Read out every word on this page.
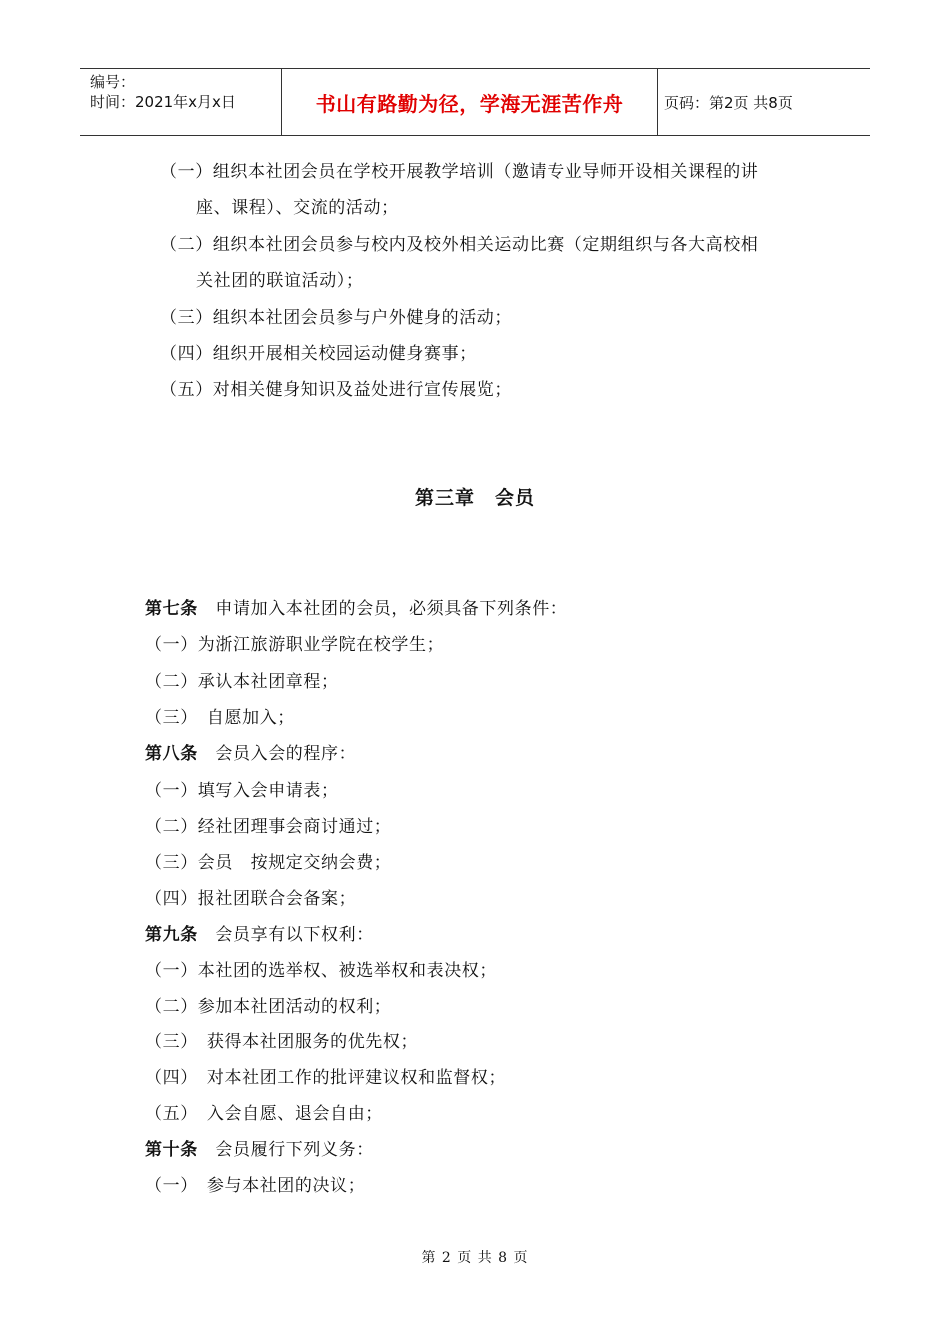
编号：
时间：2021年x月x日	书山有路勤为径，学海无涯苦作舟	页码：第2页 共8页
（一）组织本社团会员在学校开展教学培训（邀请专业导师开设相关课程的讲
座、课程）、交流的活动；
（二）组织本社团会员参与校内及校外相关运动比赛（定期组织与各大高校相
关社团的联谊活动）；
（三）组织本社团会员参与户外健身的活动；
（四）组织开展相关校园运动健身赛事；
（五）对相关健身知识及益处进行宣传展览；
第三章　会员
第七条　申请加入本社团的会员，必须具备下列条件：
（一）为浙江旅游职业学院在校学生；
（二）承认本社团章程；
（三）　自愿加入；
第八条　会员入会的程序：
（一）填写入会申请表；
（二）经社团理事会商讨通过；
（三）会员　按规定交纳会费；
（四）报社团联合会备案；
第九条　会员享有以下权利：
（一）本社团的选举权、被选举权和表决权；
（二）参加本社团活动的权利；
（三）　获得本社团服务的优先权；
（四）　对本社团工作的批评建议权和监督权；
（五）　入会自愿、退会自由；
第十条　会员履行下列义务：
（一）　参与本社团的决议；
第 2 页 共 8 页
